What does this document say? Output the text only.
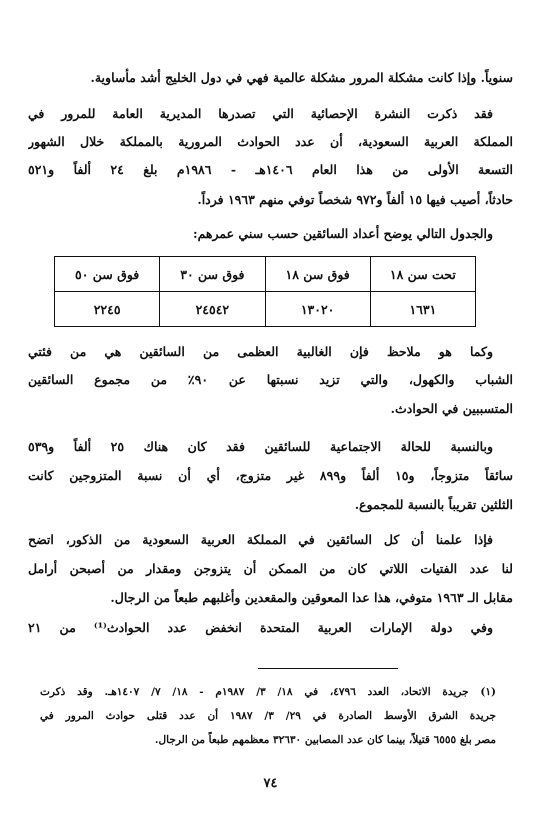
سنوياً. وإذا كانت مشكلة المرور مشكلة عالمية فهي في دول الخليج أشد مأساوية.
فقد ذكرت النشرة الإحصائية التي تصدرها المديرية العامة للمرور في
المملكة العربية السعودية، أن عدد الحوادث المرورية بالمملكة خلال الشهور
التسعة الأولى من هذا العام ١٤٠٦هـ - ١٩٨٦م بلغ ٢٤ ألفاً و٥٢١
حادثاً، أصيب فيها ١٥ ألفاً و٩٧٢ شخصاً توفي منهم ١٩٦٣ فرداً.
والجدول التالي يوضح أعداد السائقين حسب سني عمرهم:
تحت سن ١٨	فوق سن ١٨	فوق سن ٣٠	فوق سن ٥٠
١٦٣١	١٣٠٢٠	٢٤٥٤٢	٢٢٤٥
وكما هو ملاحظ فإن الغالبية العظمى من السائقين هي من فئتي
الشباب والكهول، والتي تزيد نسبتها عن ٩٠٪ من مجموع السائقين
المتسببين في الحوادث.
وبالنسبة للحالة الاجتماعية للسائقين فقد كان هناك ٢٥ ألفاً و٥٣٩
سائقاً متزوجاً، و١٥ ألفاً و٨٩٩ غير متزوج، أي أن نسبة المتزوجين كانت
الثلثين تقريباً بالنسبة للمجموع.
فإذا علمنا أن كل السائقين في المملكة العربية السعودية من الذكور، اتضح
لنا عدد الفتيات اللاتي كان من الممكن أن يتزوجن ومقدار من أصبحن أرامل
مقابل الـ ١٩٦٣ متوفي، هذا عدا المعوقين والمقعدين وأغلبهم طبعاً من الرجال.
وفي دولة الإمارات العربية المتحدة انخفض عدد الحوادث⁽¹⁾ من ٢١
(١) جريدة الاتحاد، العدد ٤٧٩٦، في ١٨/ ٣/ ١٩٨٧م - ١٨/ ٧/ ١٤٠٧هـ. وقد ذكرت
جريدة الشرق الأوسط الصادرة في ٢٩/ ٣/ ١٩٨٧ أن عدد قتلى حوادث المرور في
مصر بلغ ٦٥٥٥ قتيلاً، بينما كان عدد المصابين ٣٢٦٣٠ معظمهم طبعاً من الرجال.
٧٤
